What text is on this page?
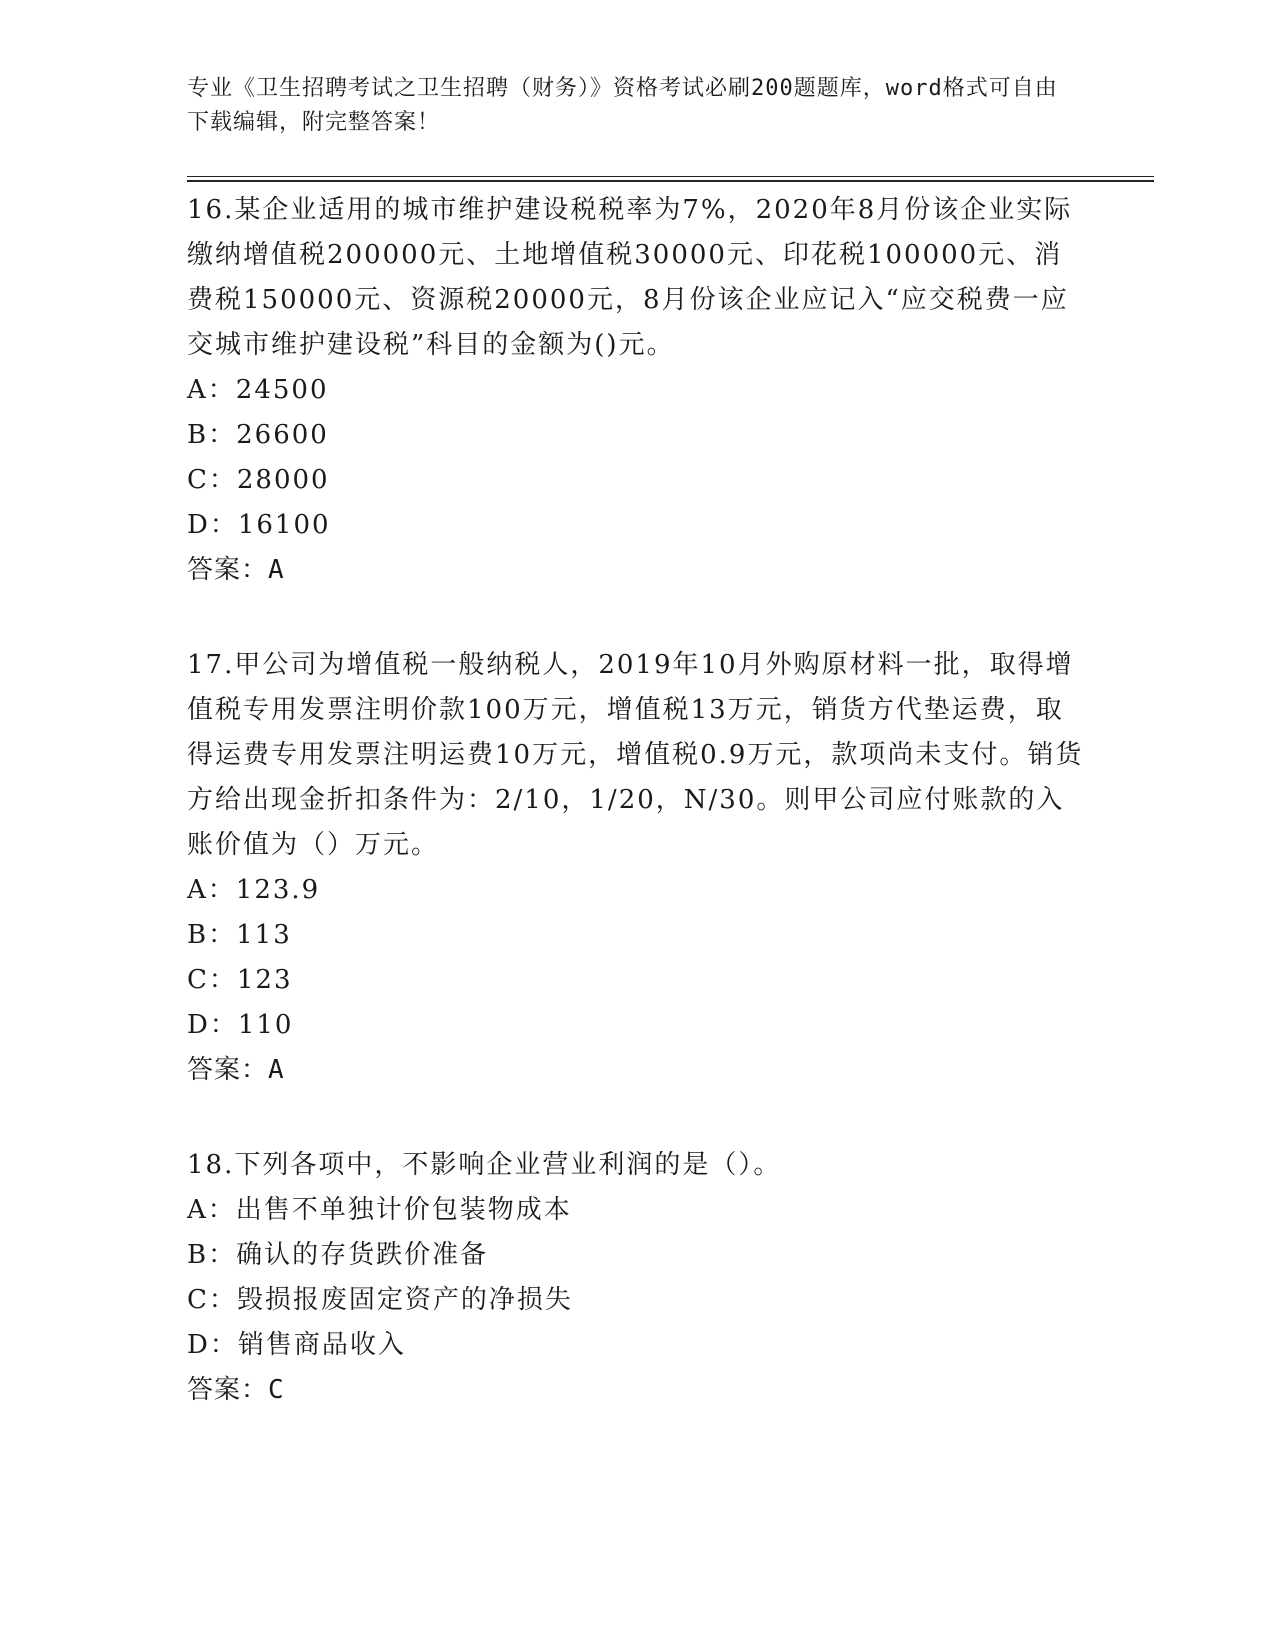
专业《卫生招聘考试之卫生招聘（财务）》资格考试必刷200题题库，word格式可自由下载编辑，附完整答案！
16.某企业适用的城市维护建设税税率为7%，2020年8月份该企业实际缴纳增值税200000元、土地增值税30000元、印花税100000元、消费税150000元、资源税20000元，8月份该企业应记入“应交税费一应交城市维护建设税”科目的金额为()元。
A：24500
B：26600
C：28000
D：16100
答案：A
17.甲公司为增值税一般纳税人，2019年10月外购原材料一批，取得增值税专用发票注明价款100万元，增值税13万元，销货方代垫运费，取得运费专用发票注明运费10万元，增值税0.9万元，款项尚未支付。销货方给出现金折扣条件为：2/10，1/20，N/30。则甲公司应付账款的入账价值为（）万元。
A：123.9
B：113
C：123
D：110
答案：A
18.下列各项中，不影响企业营业利润的是（）。
A：出售不单独计价包装物成本
B：确认的存货跌价准备
C：毁损报废固定资产的净损失
D：销售商品收入
答案：C
